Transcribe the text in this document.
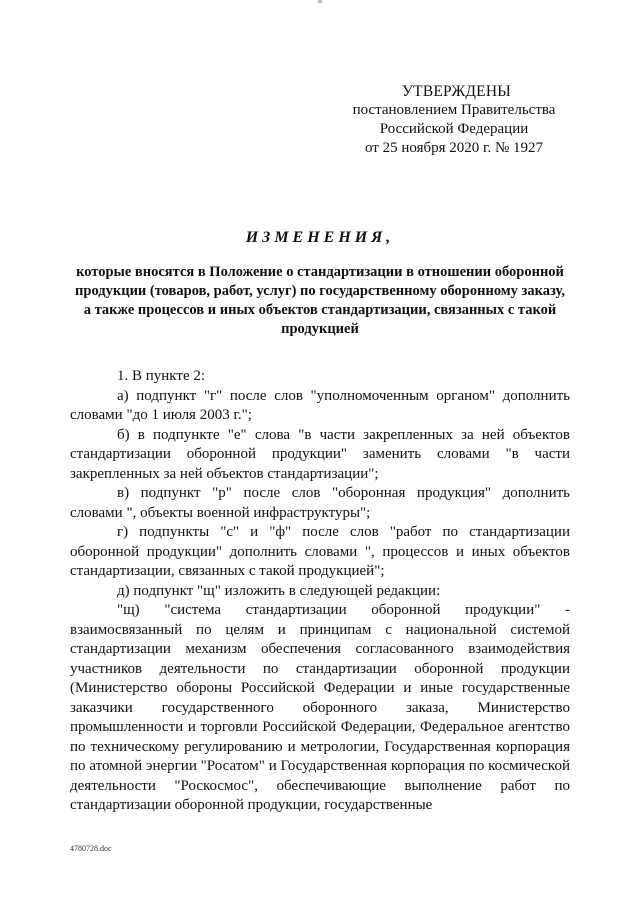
УТВЕРЖДЕНЫ
постановлением Правительства
Российской Федерации
от 25 ноября 2020 г. № 1927
ИЗМЕНЕНИЯ,

которые вносятся в Положение о стандартизации в отношении оборонной продукции (товаров, работ, услуг) по государственному оборонному заказу, а также процессов и иных объектов стандартизации, связанных с такой продукцией

1. В пункте 2:

а) подпункт "г" после слов "уполномоченным органом" дополнить словами "до 1 июля 2003 г.";

б) в подпункте "е" слова "в части закрепленных за ней объектов стандартизации оборонной продукции" заменить словами "в части закрепленных за ней объектов стандартизации";

в) подпункт "р" после слов "оборонная продукция" дополнить словами ", объекты военной инфраструктуры";

г) подпункты "с" и "ф" после слов "работ по стандартизации оборонной продукции" дополнить словами ", процессов и иных объектов стандартизации, связанных с такой продукцией";

д) подпункт "щ" изложить в следующей редакции:

"щ) "система стандартизации оборонной продукции" - взаимосвязанный по целям и принципам с национальной системой стандартизации механизм обеспечения согласованного взаимодействия участников деятельности по стандартизации оборонной продукции (Министерство обороны Российской Федерации и иные государственные заказчики государственного оборонного заказа, Министерство промышленности и торговли Российской Федерации, Федеральное агентство по техническому регулированию и метрологии, Государственная корпорация по атомной энергии "Росатом" и Государственная корпорация по космической деятельности "Роскосмос", обеспечивающие выполнение работ по стандартизации оборонной продукции, государственные

4780728.doc
